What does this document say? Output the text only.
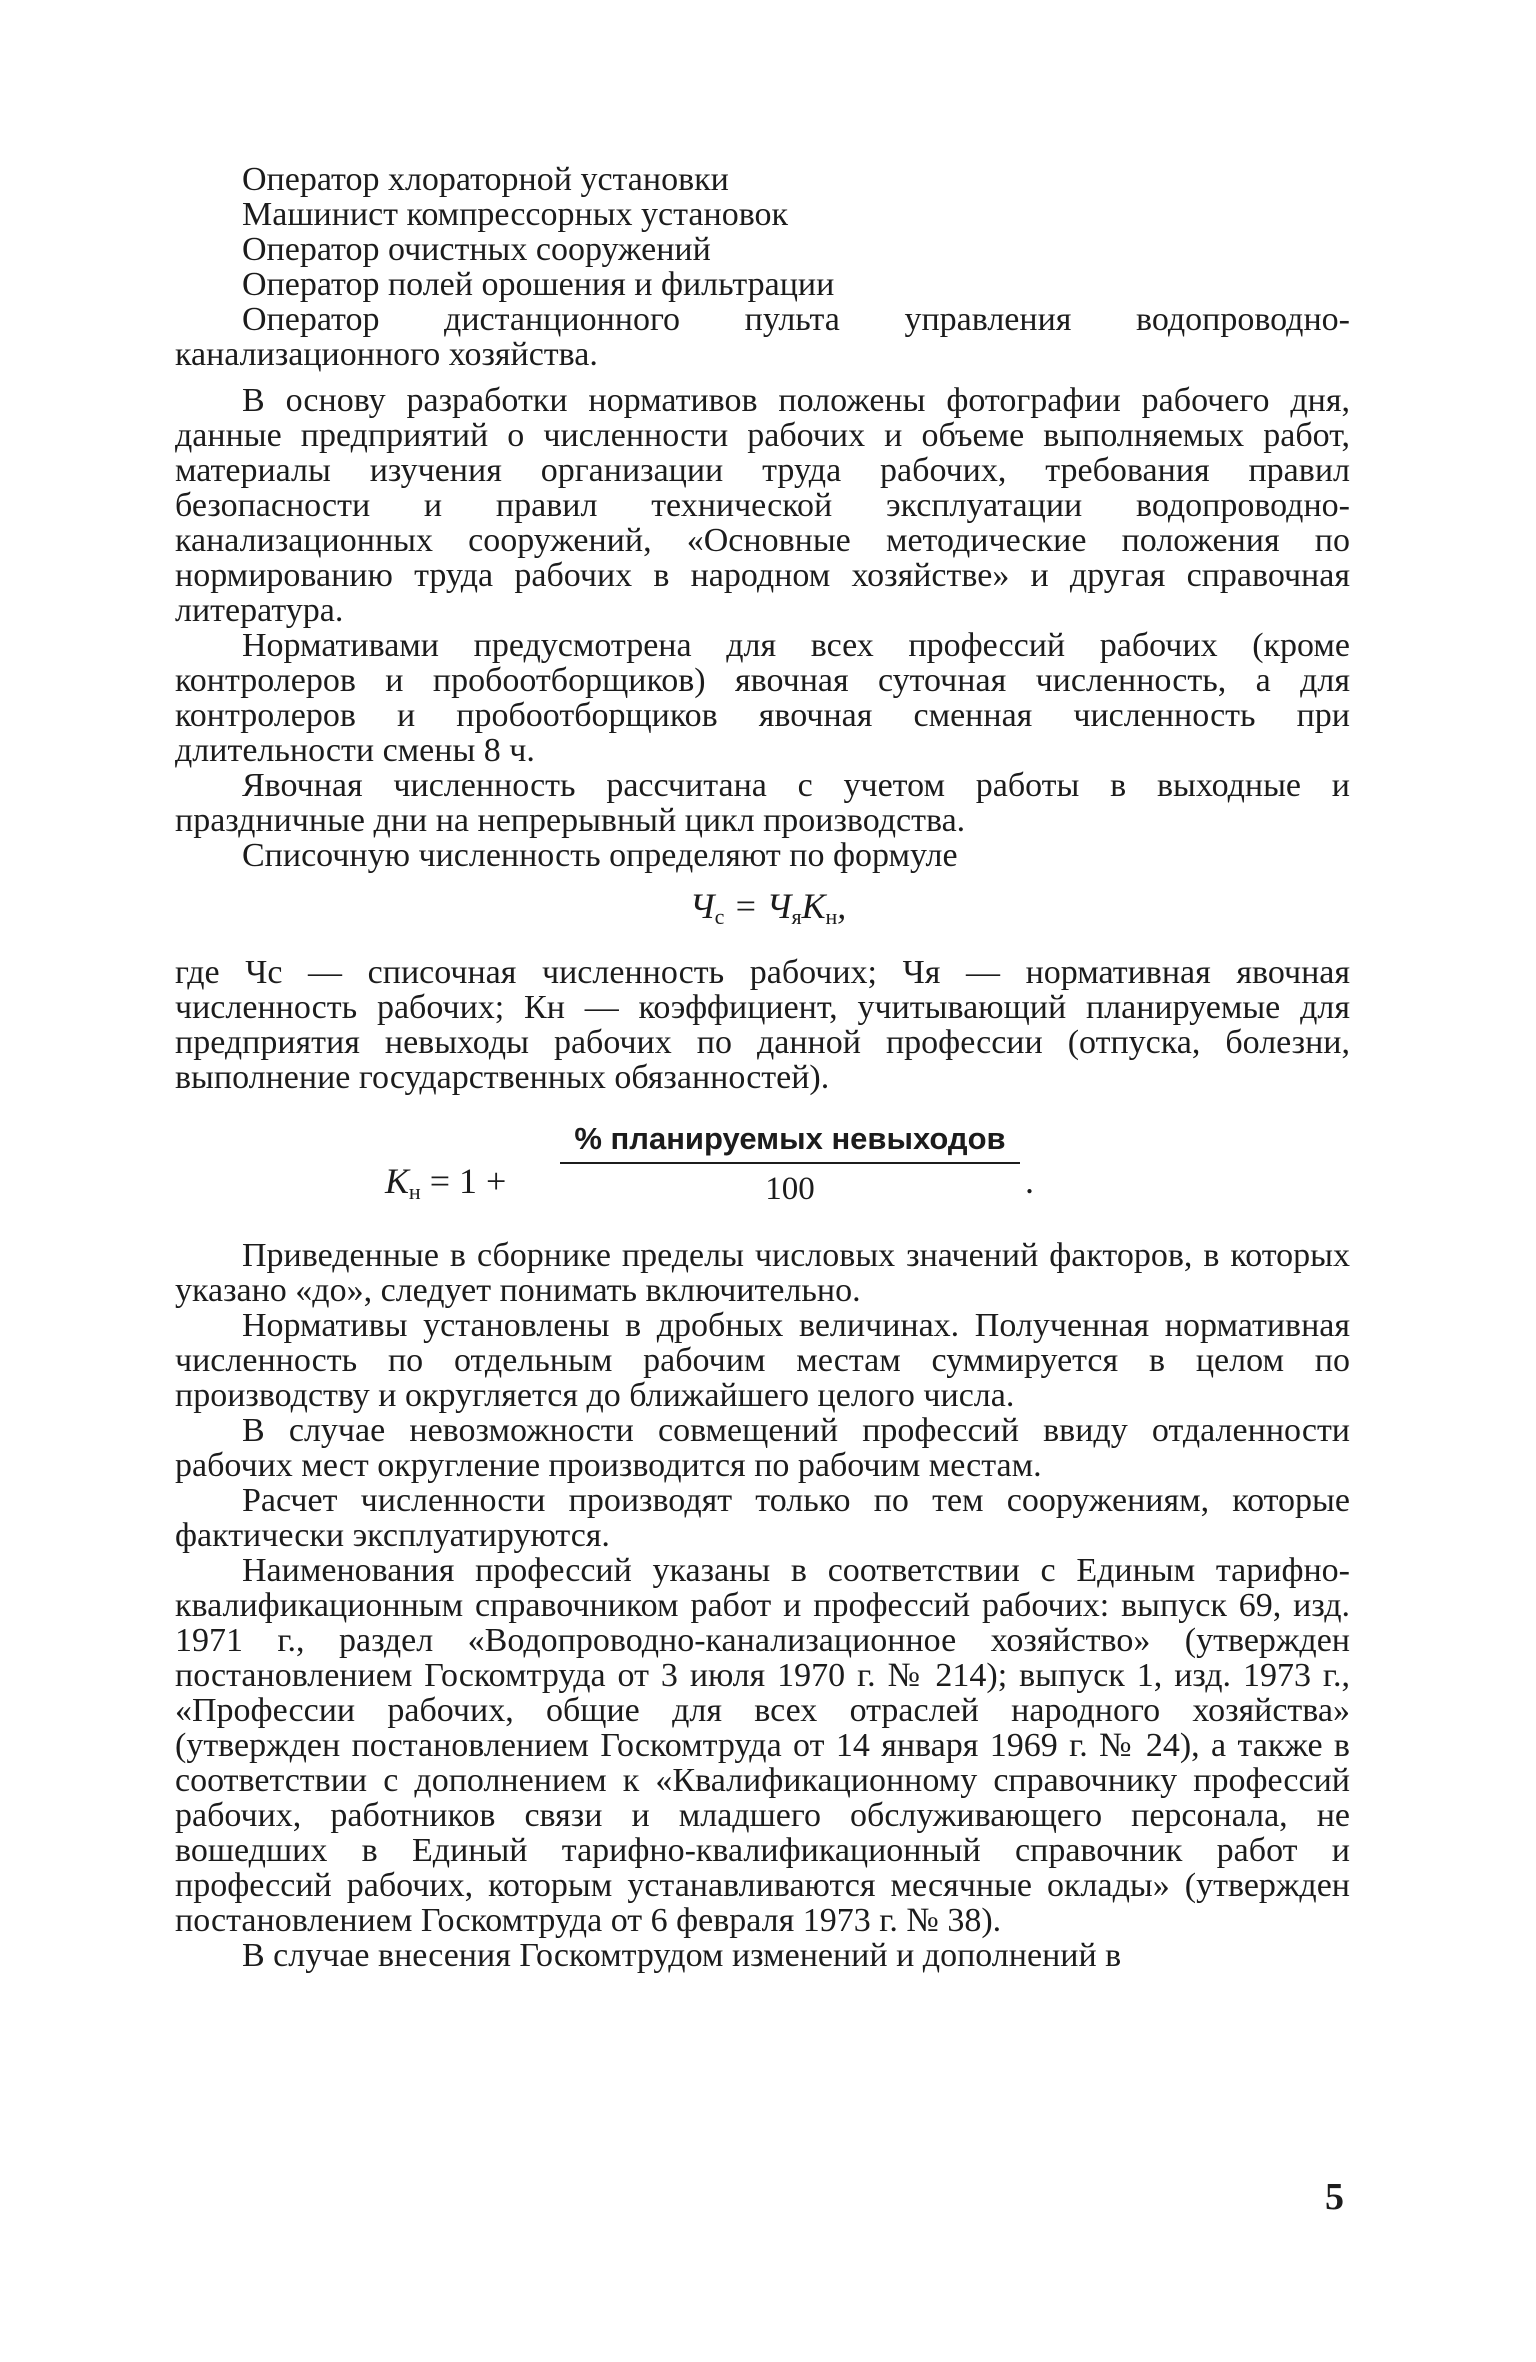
Оператор хлораторной установки
Машинист компрессорных установок
Оператор очистных сооружений
Оператор полей орошения и фильтрации
Оператор дистанционного пульта управления водопроводно-канализационного хозяйства.

В основу разработки нормативов положены фотографии рабочего дня, данные предприятий о численности рабочих и объеме выполняемых работ, материалы изучения организации труда рабочих, требования правил безопасности и правил технической эксплуатации водопроводно-канализационных сооружений, «Основные методические положения по нормированию труда рабочих в народном хозяйстве» и другая справочная литература.

Нормативами предусмотрена для всех профессий рабочих (кроме контролеров и пробоотборщиков) явочная суточная численность, а для контролеров и пробоотборщиков явочная сменная численность при длительности смены 8 ч.

Явочная численность рассчитана с учетом работы в выходные и праздничные дни на непрерывный цикл производства.

Списочную численность определяют по формуле

$Ч_с = Ч_яК_н$,

где Чс — списочная численность рабочих; Чя — нормативная явочная численность рабочих; Кн — коэффициент, учитывающий планируемые для предприятия невыходы рабочих по данной профессии (отпуска, болезни, выполнение государственных обязанностей).

$К_н = 1$ +
% планируемых невыходов
100	.

Приведенные в сборнике пределы числовых значений факторов, в которых указано «до», следует понимать включительно.

Нормативы установлены в дробных величинах. Полученная нормативная численность по отдельным рабочим местам суммируется в целом по производству и округляется до ближайшего целого числа.

В случае невозможности совмещений профессий ввиду отдаленности рабочих мест округление производится по рабочим местам.

Расчет численности производят только по тем сооружениям, которые фактически эксплуатируются.

Наименования профессий указаны в соответствии с Единым тарифно-квалификационным справочником работ и профессий рабочих: выпуск 69, изд. 1971 г., раздел «Водопроводно-канализационное хозяйство» (утвержден постановлением Госкомтруда от 3 июля 1970 г. № 214); выпуск 1, изд. 1973 г., «Профессии рабочих, общие для всех отраслей народного хозяйства» (утвержден постановлением Госкомтруда от 14 января 1969 г. № 24), а также в соответствии с дополнением к «Квалификационному справочнику профессий рабочих, работников связи и младшего обслуживающего персонала, не вошедших в Единый тарифно-квалификационный справочник работ и профессий рабочих, которым устанавливаются месячные оклады» (утвержден постановлением Госкомтруда от 6 февраля 1973 г. № 38).

В случае внесения Госкомтрудом изменений и дополнений в

5
